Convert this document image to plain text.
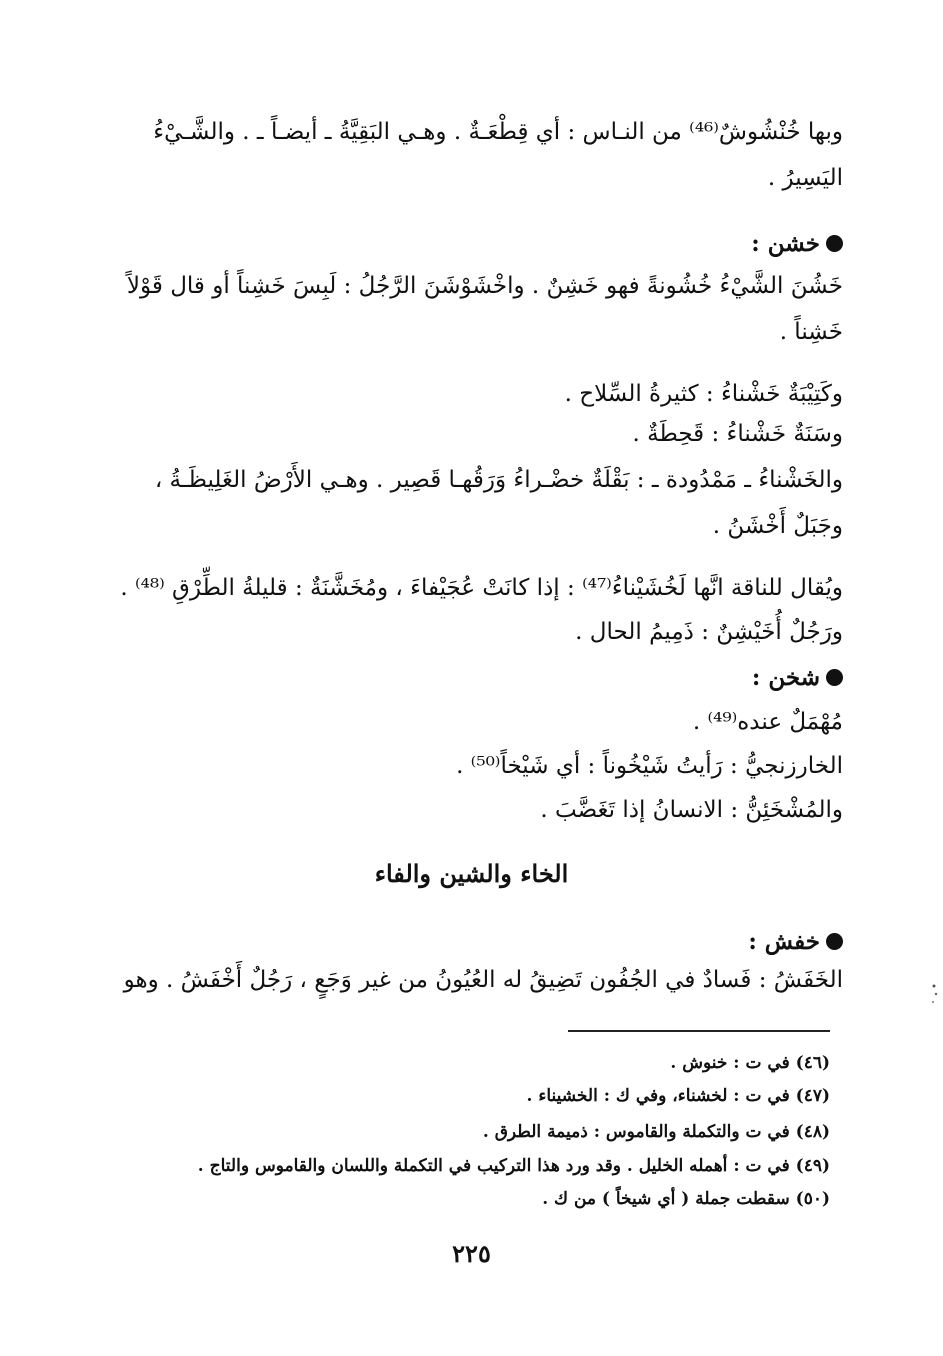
وبها خُنْشُوشٌ⁽⁴⁶⁾ من النـاس : أي قِطْعَـةٌ . وهـي البَقِيَّةُ ـ أيضـاً ـ . والشَّـيْءُ
اليَسِيرُ .
خشن :
خَشُنَ الشَّيْءُ خُشُونةً فهو خَشِنٌ . واخْشَوْشَنَ الرَّجُلُ : لَبِسَ خَشِناً أو قال قَوْلاً
خَشِناً .
وكَتِيْبَةٌ خَشْناءُ : كثيرةُ السِّلاح .
وسَنَةٌ خَشْناءُ : قَحِطَةٌ .
والخَشْناءُ ـ مَمْدُودة ـ : بَقْلَةٌ خضْـراءُ وَرَقُهـا قَصِير . وهـي الأَرْضُ الغَلِيظَـةُ ،
وجَبَلٌ أَخْشَنُ .
ويُقال للناقة انَّها لَخُشَيْناءُ⁽⁴⁷⁾ : إذا كانَتْ عُجَيْفاءَ ، ومُخَشَّنَةٌ : قليلةُ الطِّرْقِ ⁽⁴⁸⁾ .
ورَجُلٌ أُخَيْشِنٌ : ذَمِيمُ الحال .
شخن :
مُهْمَلٌ عنده⁽⁴⁹⁾ .
الخارزنجيُّ : رَأيتُ شَيْخُوناً : أي شَيْخاً⁽⁵⁰⁾ .
والمُشْخَئِنُّ : الانسانُ إذا تَغَضَّبَ .
الخاء والشين والفاء
خفش :
الخَفَشُ : فَسادٌ في الجُفُون تَضِيقُ له العُيُونُ من غير وَجَعٍ ، رَجُلٌ أَخْفَشُ . وهو
(٤٦) في ت : خنوش .
(٤٧) في ت : لخشناء، وفي ك : الخشيناء .
(٤٨) في ت والتكملة والقاموس : ذميمة الطرق .
(٤٩) في ت : أهمله الخليل . وقد ورد هذا التركيب في التكملة واللسان والقاموس والتاج .
(٥٠) سقطت جملة ( أي شيخاً ) من ك .
٢٢٥
